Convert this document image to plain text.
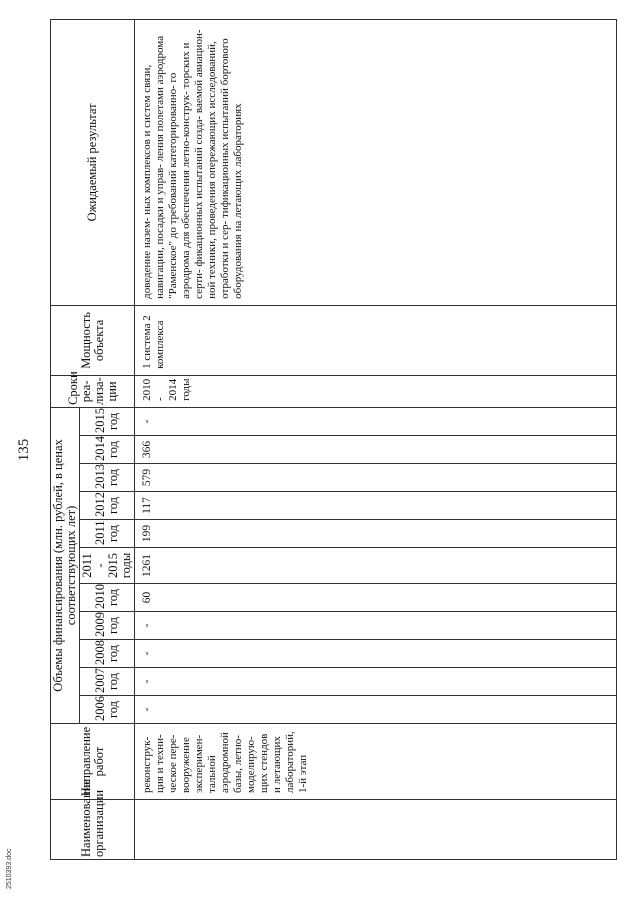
135
Наименование организации	Направление работ	Объемы финансирования (млн. рублей, в ценах соответствующих лет)											Сроки реа- лиза- ции	Мощность объекта	Ожидаемый результат
		2006 год	2007 год	2008 год	2009 год	2010 год	2011 - 2015 годы	2011 год	2012 год	2013 год	2014 год	2015 год			
	реконструк- ция и техни- ческое пере- вооружение эксперимен- тальной аэродромной базы, летно- моделирую- щих стендов и летающих лабораторий, 1-й этап	-	-	-	-	60	1261	199	117	579	366	-	2010 - 2014 годы	1 система 2 комплекса	доведение назем- ных комплексов и систем связи, навигации, посадки и управ- ления полетами аэродрома "Раменское" до требований категорированно- го аэродрома для обеспечения летно-конструк- торских и серти- фикационных испытаний созда- ваемой авиацион- ной техники, проведения опережающих исследований, отработки и сер- тификационных испытаний бортового оборудования на летающих лабораториях
2510393.doc
